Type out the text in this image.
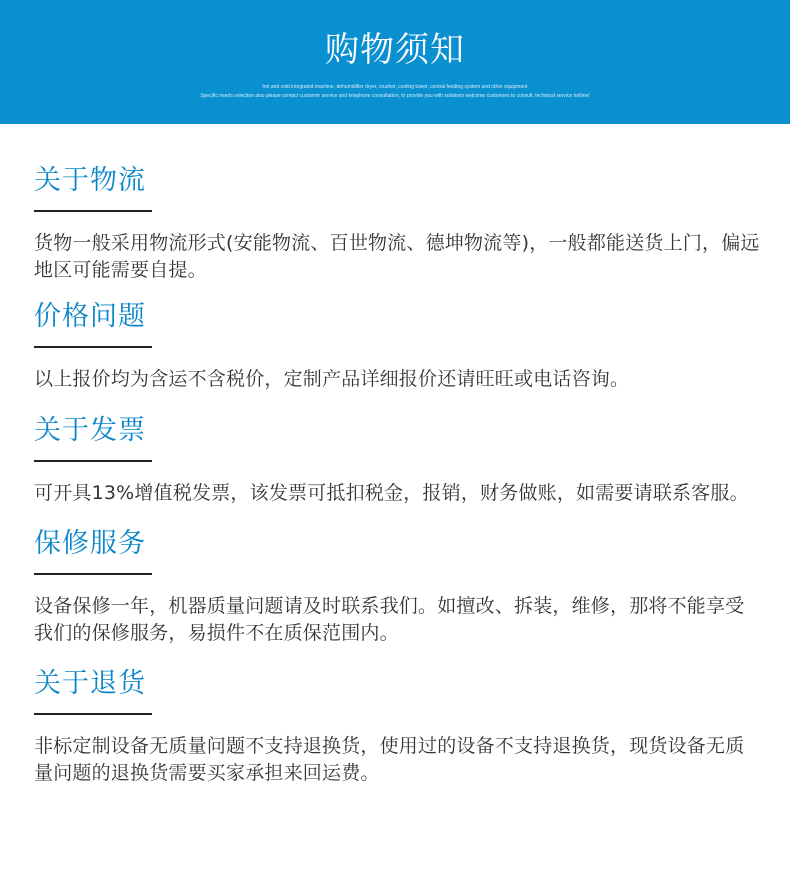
购物须知
hot and cold integrated machine, dehumidifier dryer, crusher, cooling tower, central feeding system and other equipment
Specific needs selection also please contact customer service and telephone consultation, to provide you with solutions welcome customers to consult, technical service hotline!
关于物流

货物一般采用物流形式(安能物流、百世物流、德坤物流等)，一般都能送货上门，偏远地区可能需要自提。

价格问题

以上报价均为含运不含税价，定制产品详细报价还请旺旺或电话咨询。

关于发票

可开具13%增值税发票，该发票可抵扣税金，报销，财务做账，如需要请联系客服。

保修服务

设备保修一年，机器质量问题请及时联系我们。如擅改、拆装，维修，那将不能享受我们的保修服务，易损件不在质保范围内。

关于退货

非标定制设备无质量问题不支持退换货，使用过的设备不支持退换货，现货设备无质量问题的退换货需要买家承担来回运费。
